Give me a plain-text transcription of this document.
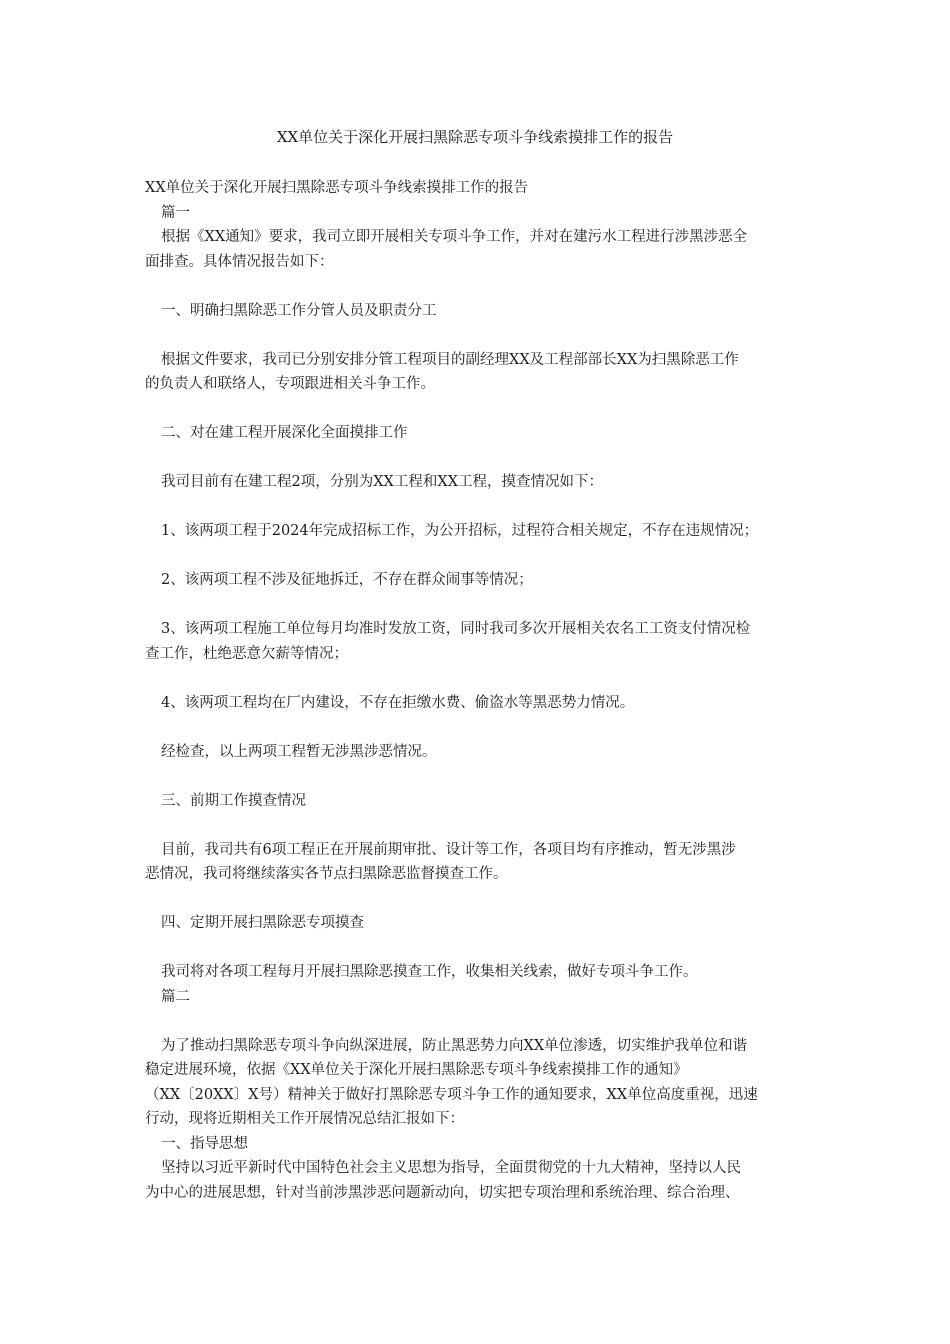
XX单位关于深化开展扫黑除恶专项斗争线索摸排工作的报告
XX单位关于深化开展扫黑除恶专项斗争线索摸排工作的报告
篇一
根据《XX通知》要求，我司立即开展相关专项斗争工作，并对在建污水工程进行涉黑涉恶全
面排查。具体情况报告如下：
一、明确扫黑除恶工作分管人员及职责分工
根据文件要求，我司已分别安排分管工程项目的副经理XX及工程部部长XX为扫黑除恶工作
的负责人和联络人，专项跟进相关斗争工作。
二、对在建工程开展深化全面摸排工作
我司目前有在建工程2项，分别为XX工程和XX工程，摸查情况如下：
1、该两项工程于2024年完成招标工作，为公开招标，过程符合相关规定，不存在违规情况；
2、该两项工程不涉及征地拆迁，不存在群众闹事等情况；
3、该两项工程施工单位每月均准时发放工资，同时我司多次开展相关农名工工资支付情况检
查工作，杜绝恶意欠薪等情况；
4、该两项工程均在厂内建设，不存在拒缴水费、偷盗水等黑恶势力情况。
经检查，以上两项工程暂无涉黑涉恶情况。
三、前期工作摸查情况
目前，我司共有6项工程正在开展前期审批、设计等工作，各项目均有序推动，暂无涉黑涉
恶情况，我司将继续落实各节点扫黑除恶监督摸查工作。
四、定期开展扫黑除恶专项摸查
我司将对各项工程每月开展扫黑除恶摸查工作，收集相关线索，做好专项斗争工作。
篇二
为了推动扫黑除恶专项斗争向纵深进展，防止黑恶势力向XX单位渗透，切实维护我单位和谐
稳定进展环境，依据《XX单位关于深化开展扫黑除恶专项斗争线索摸排工作的通知》
（XX〔20XX〕X号）精神关于做好打黑除恶专项斗争工作的通知要求，XX单位高度重视，迅速
行动，现将近期相关工作开展情况总结汇报如下：
一、指导思想
坚持以习近平新时代中国特色社会主义思想为指导，全面贯彻党的十九大精神，坚持以人民
为中心的进展思想，针对当前涉黑涉恶问题新动向，切实把专项治理和系统治理、综合治理、
